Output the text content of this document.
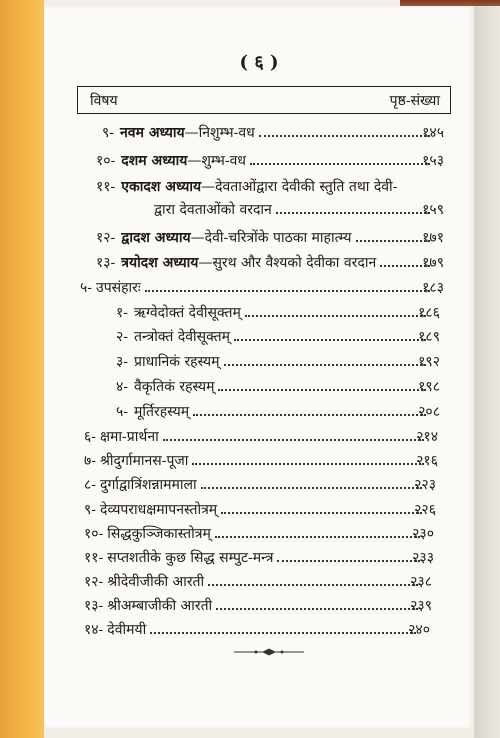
( ६ )
विषय	पृष्ठ-संख्या
९- नवम अध्याय—निशुम्भ-वध	१४५
१०- दशम अध्याय—शुम्भ-वध	१५३
११- एकादश अध्याय—देवताओंद्वारा देवीकी स्तुति तथा देवी-
द्वारा देवताओंको वरदान	१५९
१२- द्वादश अध्याय—देवी-चरित्रोंके पाठका माहात्म्य	१७१
१३- त्रयोदश अध्याय—सुरथ और वैश्यको देवीका वरदान	१७९
५- उपसंहारः	१८३
१- ऋग्वेदोक्तं देवीसूक्तम्	१८६
२- तन्त्रोक्तं देवीसूक्तम्	१८९
३- प्राधानिकं रहस्यम्	१९२
४- वैकृतिकं रहस्यम्	१९८
५- मूर्तिरहस्यम्	२०८
६- क्षमा-प्रार्थना	२१४
७- श्रीदुर्गामानस-पूजा	२१६
८- दुर्गाद्वात्रिंशन्नाममाला	२२३
९- देव्यपराधक्षमापनस्तोत्रम्	२२६
१०- सिद्धकुञ्जिकास्तोत्रम्	२३०
११- सप्तशतीके कुछ सिद्ध सम्पुट-मन्त्र	२३३
१२- श्रीदेवीजीकी आरती	२३८
१३- श्रीअम्बाजीकी आरती	२३९
१४- देवीमयी	२४०
